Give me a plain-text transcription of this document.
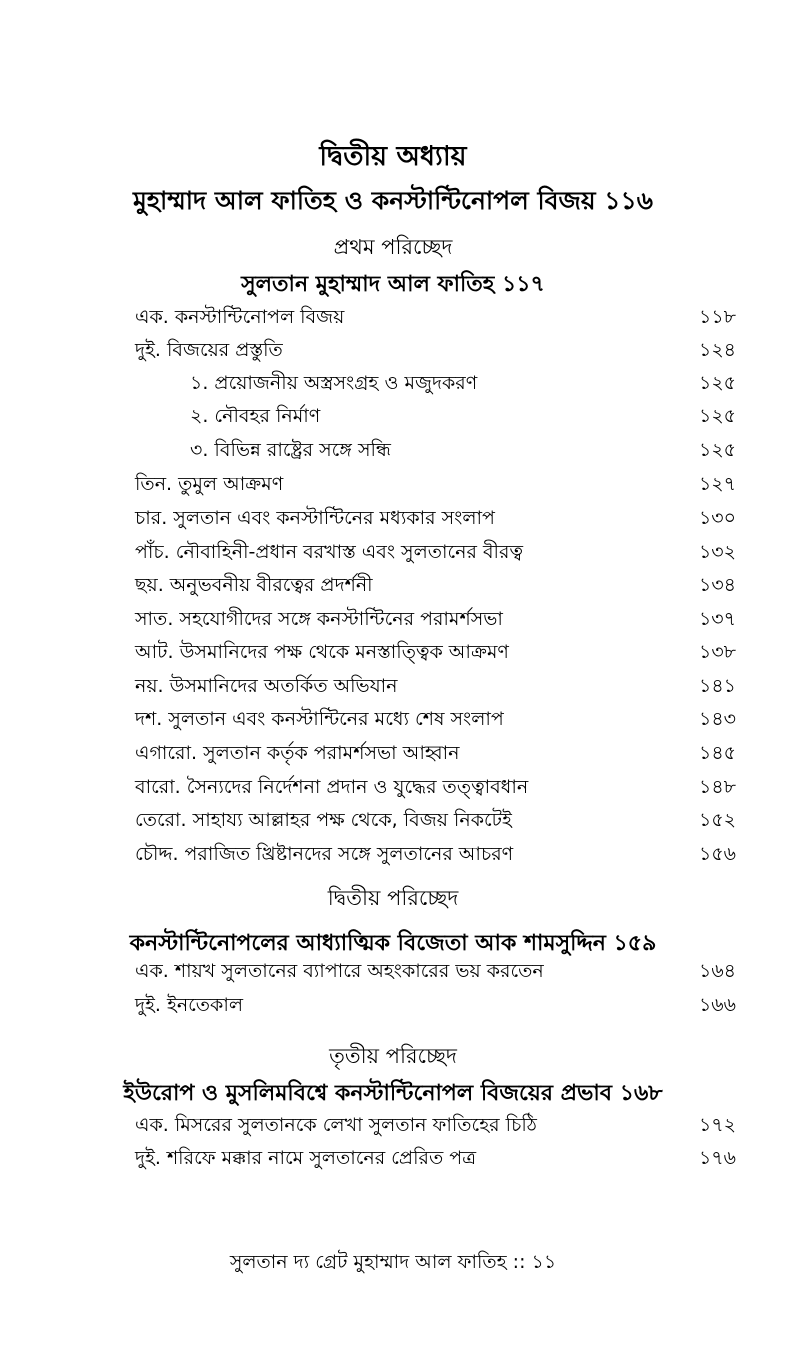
দ্বিতীয় অধ্যায়
মুহাম্মাদ আল ফাতিহ ও কনস্টান্টিনোপল বিজয় ১১৬
প্রথম পরিচ্ছেদ
সুলতান মুহাম্মাদ আল ফাতিহ ১১৭
এক. কনস্টান্টিনোপল বিজয়	১১৮
দুই. বিজয়ের প্রস্তুতি	১২৪
১. প্রয়োজনীয় অস্ত্রসংগ্রহ ও মজুদকরণ	১২৫
২. নৌবহর নির্মাণ	১২৫
৩. বিভিন্ন রাষ্ট্রের সঙ্গে সন্ধি	১২৫
তিন. তুমুল আক্রমণ	১২৭
চার. সুলতান এবং কনস্টান্টিনের মধ্যকার সংলাপ	১৩০
পাঁচ. নৌবাহিনী-প্রধান বরখাস্ত এবং সুলতানের বীরত্ব	১৩২
ছয়. অনুভবনীয় বীরত্বের প্রদর্শনী	১৩৪
সাত. সহযোগীদের সঙ্গে কনস্টান্টিনের পরামর্শসভা	১৩৭
আট. উসমানিদের পক্ষ থেকে মনস্তাত্ত্বিক আক্রমণ	১৩৮
নয়. উসমানিদের অতর্কিত অভিযান	১৪১
দশ. সুলতান এবং কনস্টান্টিনের মধ্যে শেষ সংলাপ	১৪৩
এগারো. সুলতান কর্তৃক পরামর্শসভা আহ্বান	১৪৫
বারো. সৈন্যদের নির্দেশনা প্রদান ও যুদ্ধের তত্ত্বাবধান	১৪৮
তেরো. সাহায্য আল্লাহর পক্ষ থেকে, বিজয় নিকটেই	১৫২
চৌদ্দ. পরাজিত খ্রিষ্টানদের সঙ্গে সুলতানের আচরণ	১৫৬
দ্বিতীয় পরিচ্ছেদ
কনস্টান্টিনোপলের আধ্যাত্মিক বিজেতা আক শামসুদ্দিন ১৫৯
এক. শায়খ সুলতানের ব্যাপারে অহংকারের ভয় করতেন	১৬৪
দুই. ইনতেকাল	১৬৬
তৃতীয় পরিচ্ছেদ
ইউরোপ ও মুসলিমবিশ্বে কনস্টান্টিনোপল বিজয়ের প্রভাব ১৬৮
এক. মিসরের সুলতানকে লেখা সুলতান ফাতিহের চিঠি	১৭২
দুই. শরিফে মক্কার নামে সুলতানের প্রেরিত পত্র	১৭৬
সুলতান দ্য গ্রেট মুহাম্মাদ আল ফাতিহ :: ১১
